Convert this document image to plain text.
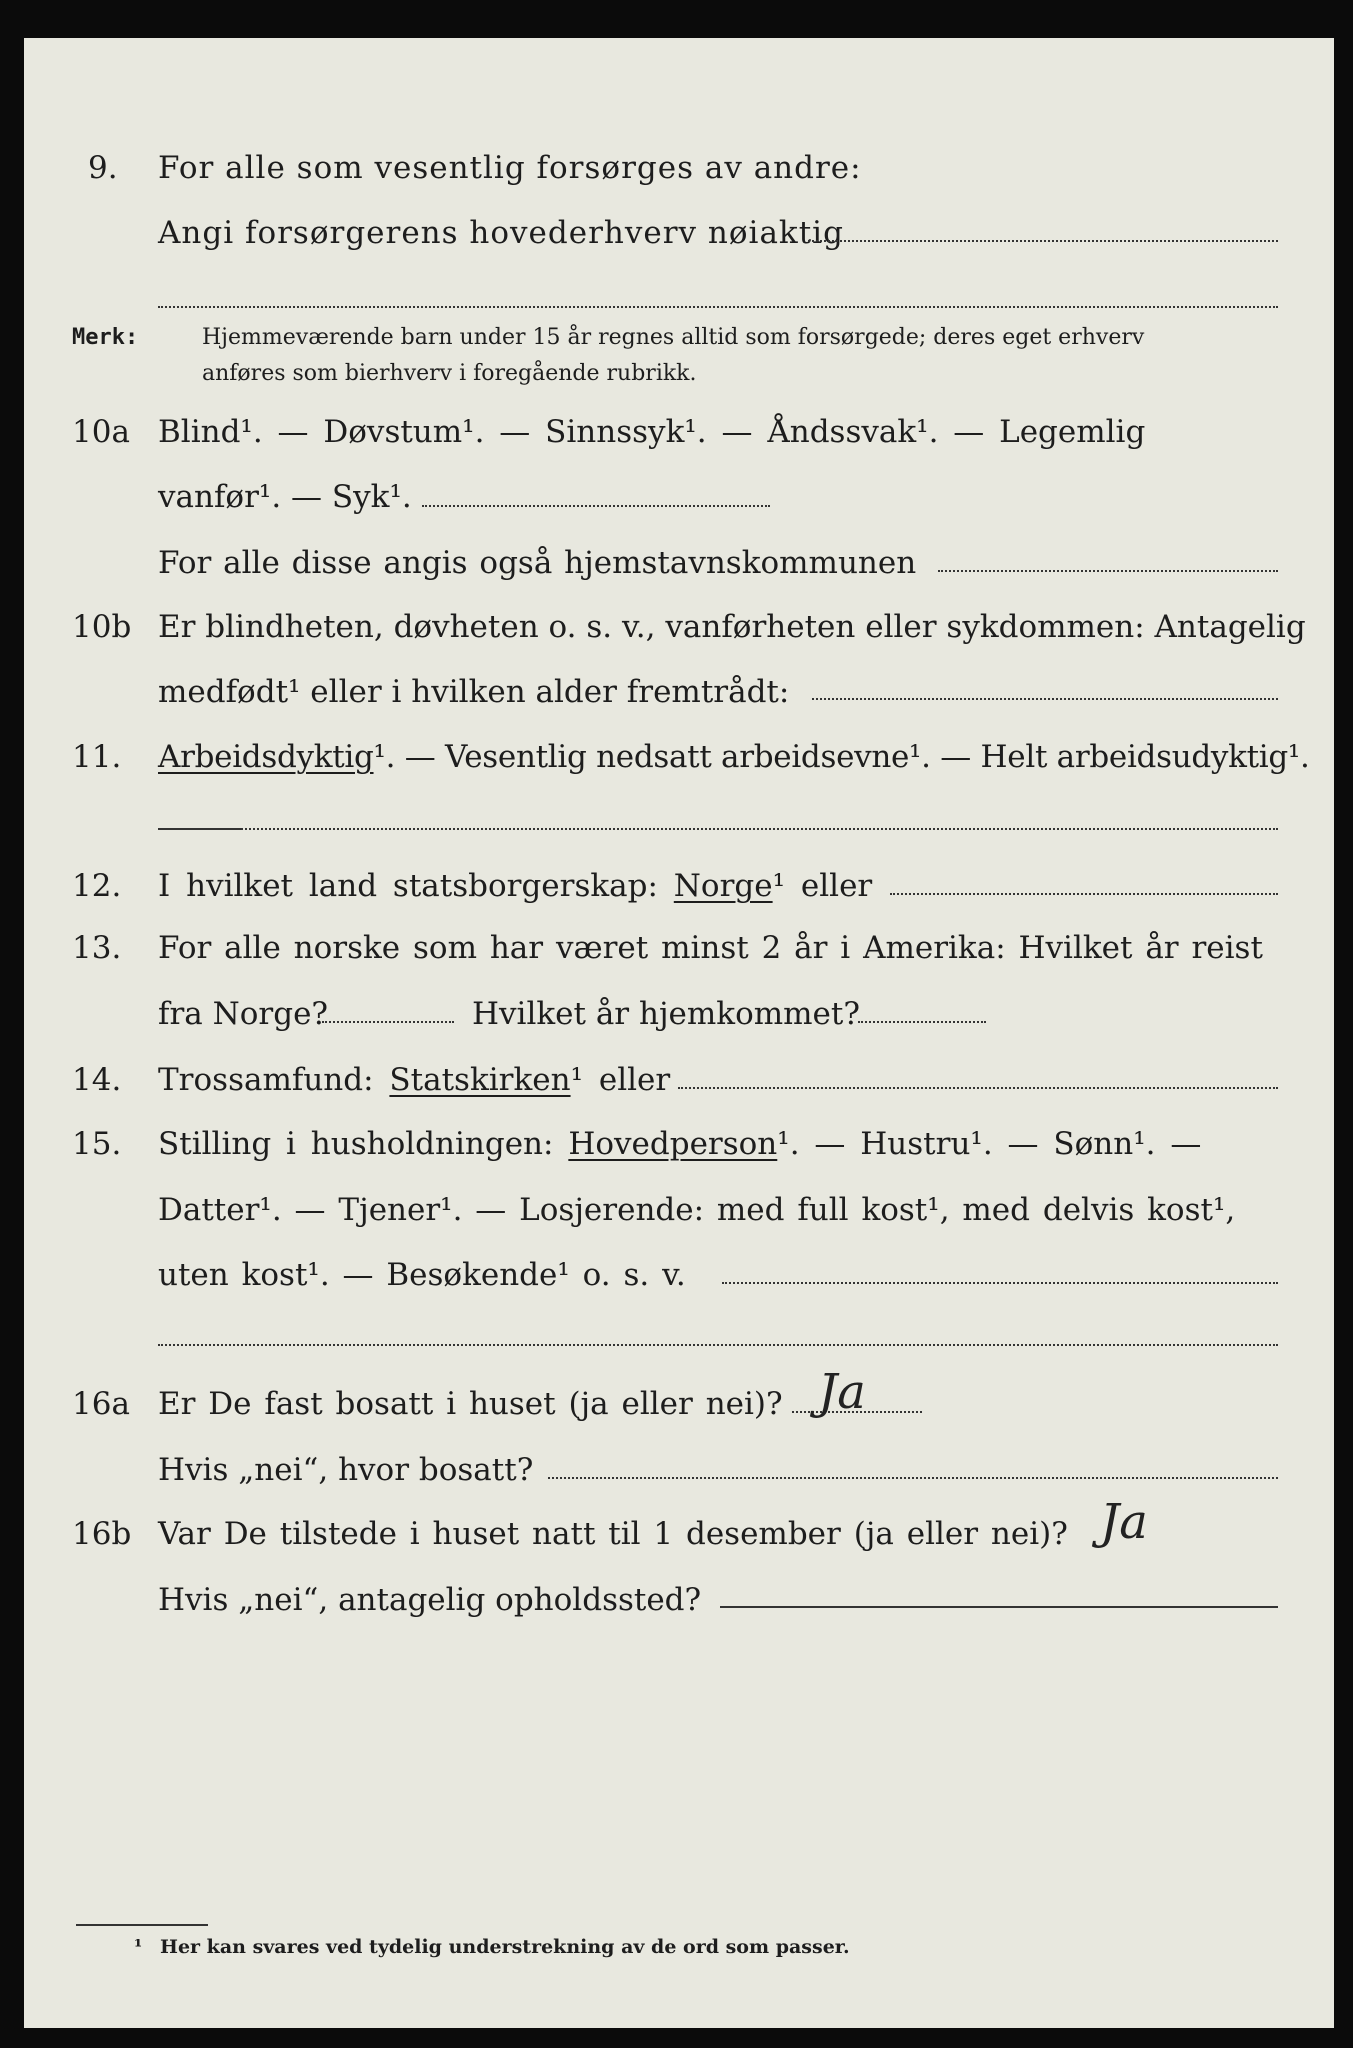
9. For alle som vesentlig forsørges av andre:
Angi forsørgerens hovederhverv nøiaktig
Merk:	Hjemmeværende barn under 15 år regnes alltid som forsørgede; deres eget erhverv
anføres som bierhverv i foregående rubrikk.
10a Blind¹. — Døvstum¹. — Sinnssyk¹. — Åndssvak¹. — Legemlig
vanfør¹. — Syk¹.
For alle disse angis også hjemstavnskommunen
10b Er blindheten, døvheten o. s. v., vanførheten eller sykdommen: Antagelig
medfødt¹ eller i hvilken alder fremtrådt:
11. Arbeidsdyktig¹. — Vesentlig nedsatt arbeidsevne¹. — Helt arbeidsudyktig¹.
12. I hvilket land statsborgerskap: Norge¹ eller
13. For alle norske som har været minst 2 år i Amerika: Hvilket år reist
fra Norge?	Hvilket år hjemkommet?
14. Trossamfund: Statskirken¹ eller
15. Stilling i husholdningen: Hovedperson¹. — Hustru¹. — Sønn¹. —
Datter¹. — Tjener¹. — Losjerende: med full kost¹, med delvis kost¹,
uten kost¹. — Besøkende¹ o. s. v.
16a Er De fast bosatt i huset (ja eller nei)? Ja
Hvis „nei“, hvor bosatt?
16b Var De tilstede i huset natt til 1 desember (ja eller nei)? Ja
Hvis „nei“, antagelig opholdssted?
¹ Her kan svares ved tydelig understrekning av de ord som passer.
